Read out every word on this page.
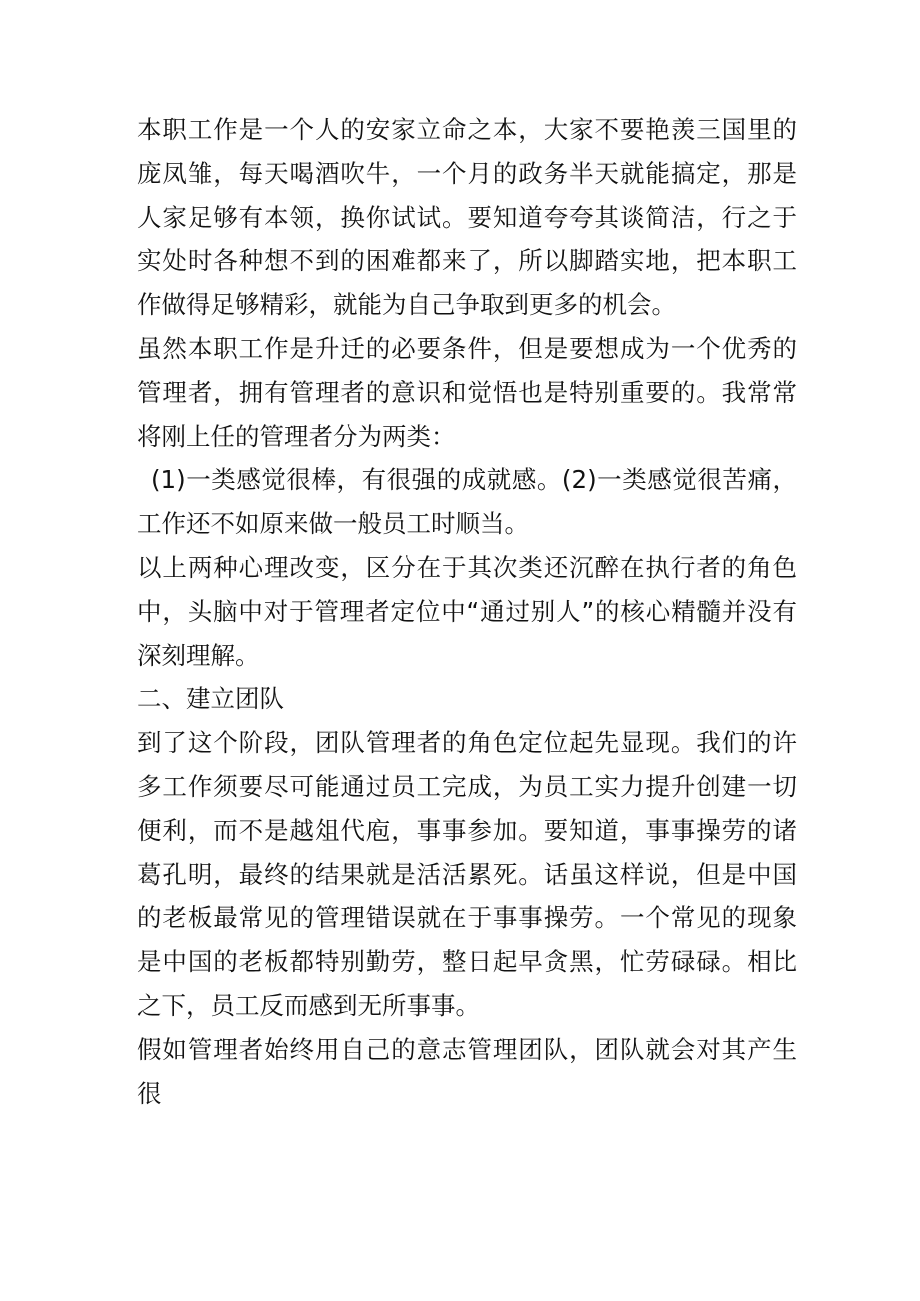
本职工作是一个人的安家立命之本，大家不要艳羡三国里的庞凤雏，每天喝酒吹牛，一个月的政务半天就能搞定，那是人家足够有本领，换你试试。要知道夸夸其谈简洁，行之于实处时各种想不到的困难都来了，所以脚踏实地，把本职工作做得足够精彩，就能为自己争取到更多的机会。

虽然本职工作是升迁的必要条件，但是要想成为一个优秀的管理者，拥有管理者的意识和觉悟也是特别重要的。我常常将刚上任的管理者分为两类：

(1)一类感觉很棒，有很强的成就感。(2)一类感觉很苦痛，工作还不如原来做一般员工时顺当。

以上两种心理改变，区分在于其次类还沉醉在执行者的角色中，头脑中对于管理者定位中“通过别人”的核心精髓并没有深刻理解。

二、建立团队

到了这个阶段，团队管理者的角色定位起先显现。我们的许多工作须要尽可能通过员工完成，为员工实力提升创建一切便利，而不是越俎代庖，事事参加。要知道，事事操劳的诸葛孔明，最终的结果就是活活累死。话虽这样说，但是中国的老板最常见的管理错误就在于事事操劳。一个常见的现象是中国的老板都特别勤劳，整日起早贪黑，忙劳碌碌。相比之下，员工反而感到无所事事。

假如管理者始终用自己的意志管理团队，团队就会对其产生很
